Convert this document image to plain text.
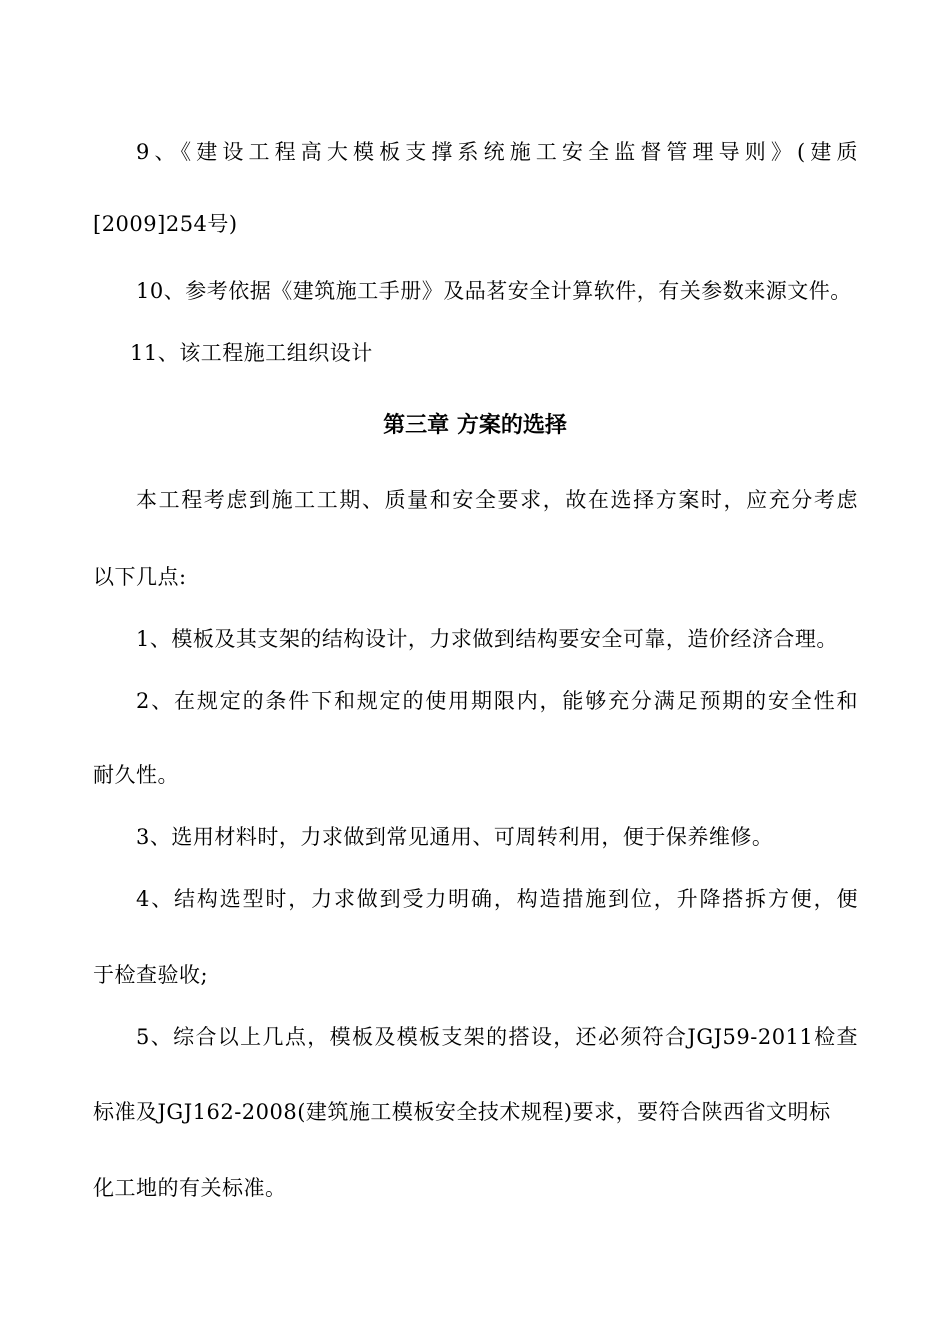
9、《建设工程高大模板支撑系统施工安全监督管理导则》(建质
[2009]254号)
10、参考依据《建筑施工手册》及品茗安全计算软件，有关参数来源文件。
11、该工程施工组织设计
第三章 方案的选择
本工程考虑到施工工期、质量和安全要求，故在选择方案时，应充分考虑
以下几点:
1、模板及其支架的结构设计，力求做到结构要安全可靠，造价经济合理。
2、在规定的条件下和规定的使用期限内，能够充分满足预期的安全性和
耐久性。
3、选用材料时，力求做到常见通用、可周转利用，便于保养维修。
4、结构选型时，力求做到受力明确，构造措施到位，升降搭拆方便，便
于检查验收;
5、综合以上几点，模板及模板支架的搭设，还必须符合JGJ59-2011检查
标准及JGJ162-2008(建筑施工模板安全技术规程)要求，要符合陕西省文明标
化工地的有关标准。
